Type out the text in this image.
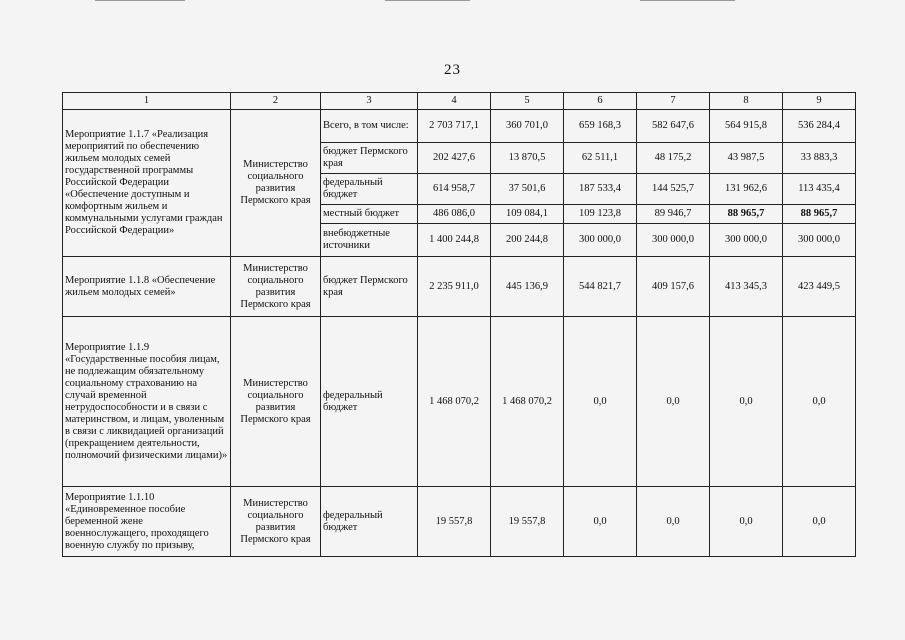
23
1	2	3	4	5	6	7	8	9
Мероприятие 1.1.7 «Реализация мероприятий по обеспечению жильем молодых семей государственной программы Российской Федерации «Обеспечение доступным и комфортным жильем и коммунальными услугами граждан Российской Федерации»	Министерство социального развития Пермского края	Всего, в том числе:	2 703 717,1	360 701,0	659 168,3	582 647,6	564 915,8	536 284,4
		бюджет Пермского края	202 427,6	13 870,5	62 511,1	48 175,2	43 987,5	33 883,3
		федеральный бюджет	614 958,7	37 501,6	187 533,4	144 525,7	131 962,6	113 435,4
		местный бюджет	486 086,0	109 084,1	109 123,8	89 946,7	88 965,7	88 965,7
		внебюджетные источники	1 400 244,8	200 244,8	300 000,0	300 000,0	300 000,0	300 000,0
Мероприятие 1.1.8 «Обеспечение жильем молодых семей»	Министерство социального развития Пермского края	бюджет Пермского края	2 235 911,0	445 136,9	544 821,7	409 157,6	413 345,3	423 449,5
Мероприятие 1.1.9 «Государственные пособия лицам, не подлежащим обязательному социальному страхованию на случай временной нетрудоспособности и в связи с материнством, и лицам, уволенным в связи с ликвидацией организаций (прекращением деятельности, полномочий физическими лицами)»	Министерство социального развития Пермского края	федеральный бюджет	1 468 070,2	1 468 070,2	0,0	0,0	0,0	0,0
Мероприятие 1.1.10 «Единовременное пособие беременной жене военнослужащего, проходящего военную службу по призыву,	Министерство социального развития Пермского края	федеральный бюджет	19 557,8	19 557,8	0,0	0,0	0,0	0,0
